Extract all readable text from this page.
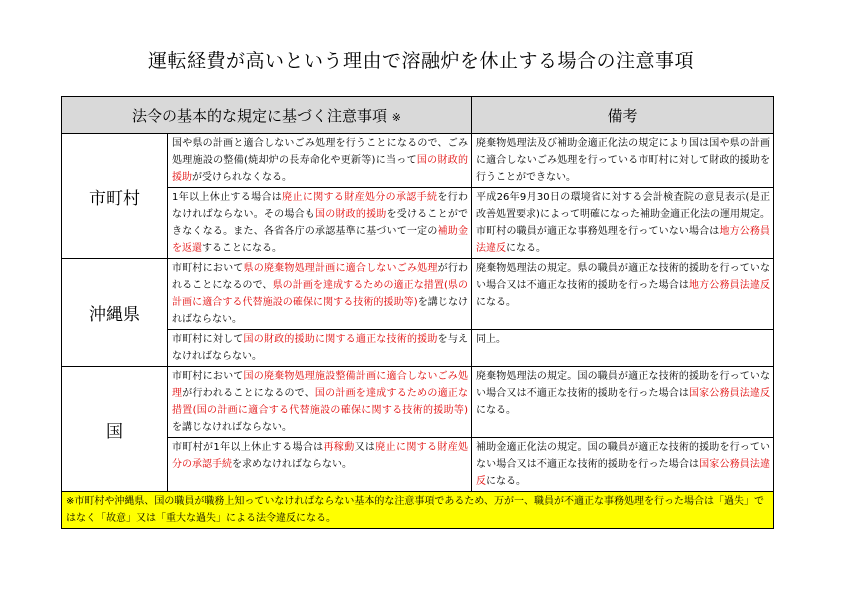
運転経費が高いという理由で溶融炉を休止する場合の注意事項
法令の基本的な規定に基づく注意事項 ※		備考
市町村	国や県の計画と適合しないごみ処理を行うことになるので、ごみ処理施設の整備(焼却炉の長寿命化や更新等)に当って国の財政的援助が受けられなくなる。	廃棄物処理法及び補助金適正化法の規定により国は国や県の計画に適合しないごみ処理を行っている市町村に対して財政的援助を行うことができない。
	1年以上休止する場合は廃止に関する財産処分の承認手続を行わなければならない。その場合も国の財政的援助を受けることができなくなる。また、各省各庁の承認基準に基づいて一定の補助金を返還することになる。	平成26年9月30日の環境省に対する会計検査院の意見表示(是正改善処置要求)によって明確になった補助金適正化法の運用規定。市町村の職員が適正な事務処理を行っていない場合は地方公務員法違反になる。
沖縄県	市町村において県の廃棄物処理計画に適合しないごみ処理が行われることになるので、県の計画を達成するための適正な措置(県の計画に適合する代替施設の確保に関する技術的援助等)を講じなければならない。	廃棄物処理法の規定。県の職員が適正な技術的援助を行っていない場合又は不適正な技術的援助を行った場合は地方公務員法違反になる。
	市町村に対して国の財政的援助に関する適正な技術的援助を与えなければならない。	同上。
国	市町村において国の廃棄物処理施設整備計画に適合しないごみ処理が行われることになるので、国の計画を達成するための適正な措置(国の計画に適合する代替施設の確保に関する技術的援助等)を講じなければならない。	廃棄物処理法の規定。国の職員が適正な技術的援助を行っていない場合又は不適正な技術的援助を行った場合は国家公務員法違反になる。
	市町村が1年以上休止する場合は再稼動又は廃止に関する財産処分の承認手続を求めなければならない。	補助金適正化法の規定。国の職員が適正な技術的援助を行っていない場合又は不適正な技術的援助を行った場合は国家公務員法違反になる。
※市町村や沖縄県、国の職員が職務上知っていなければならない基本的な注意事項であるため、万が一、職員が不適正な事務処理を行った場合は「過失」ではなく「故意」又は「重大な過失」による法令違反になる。		
